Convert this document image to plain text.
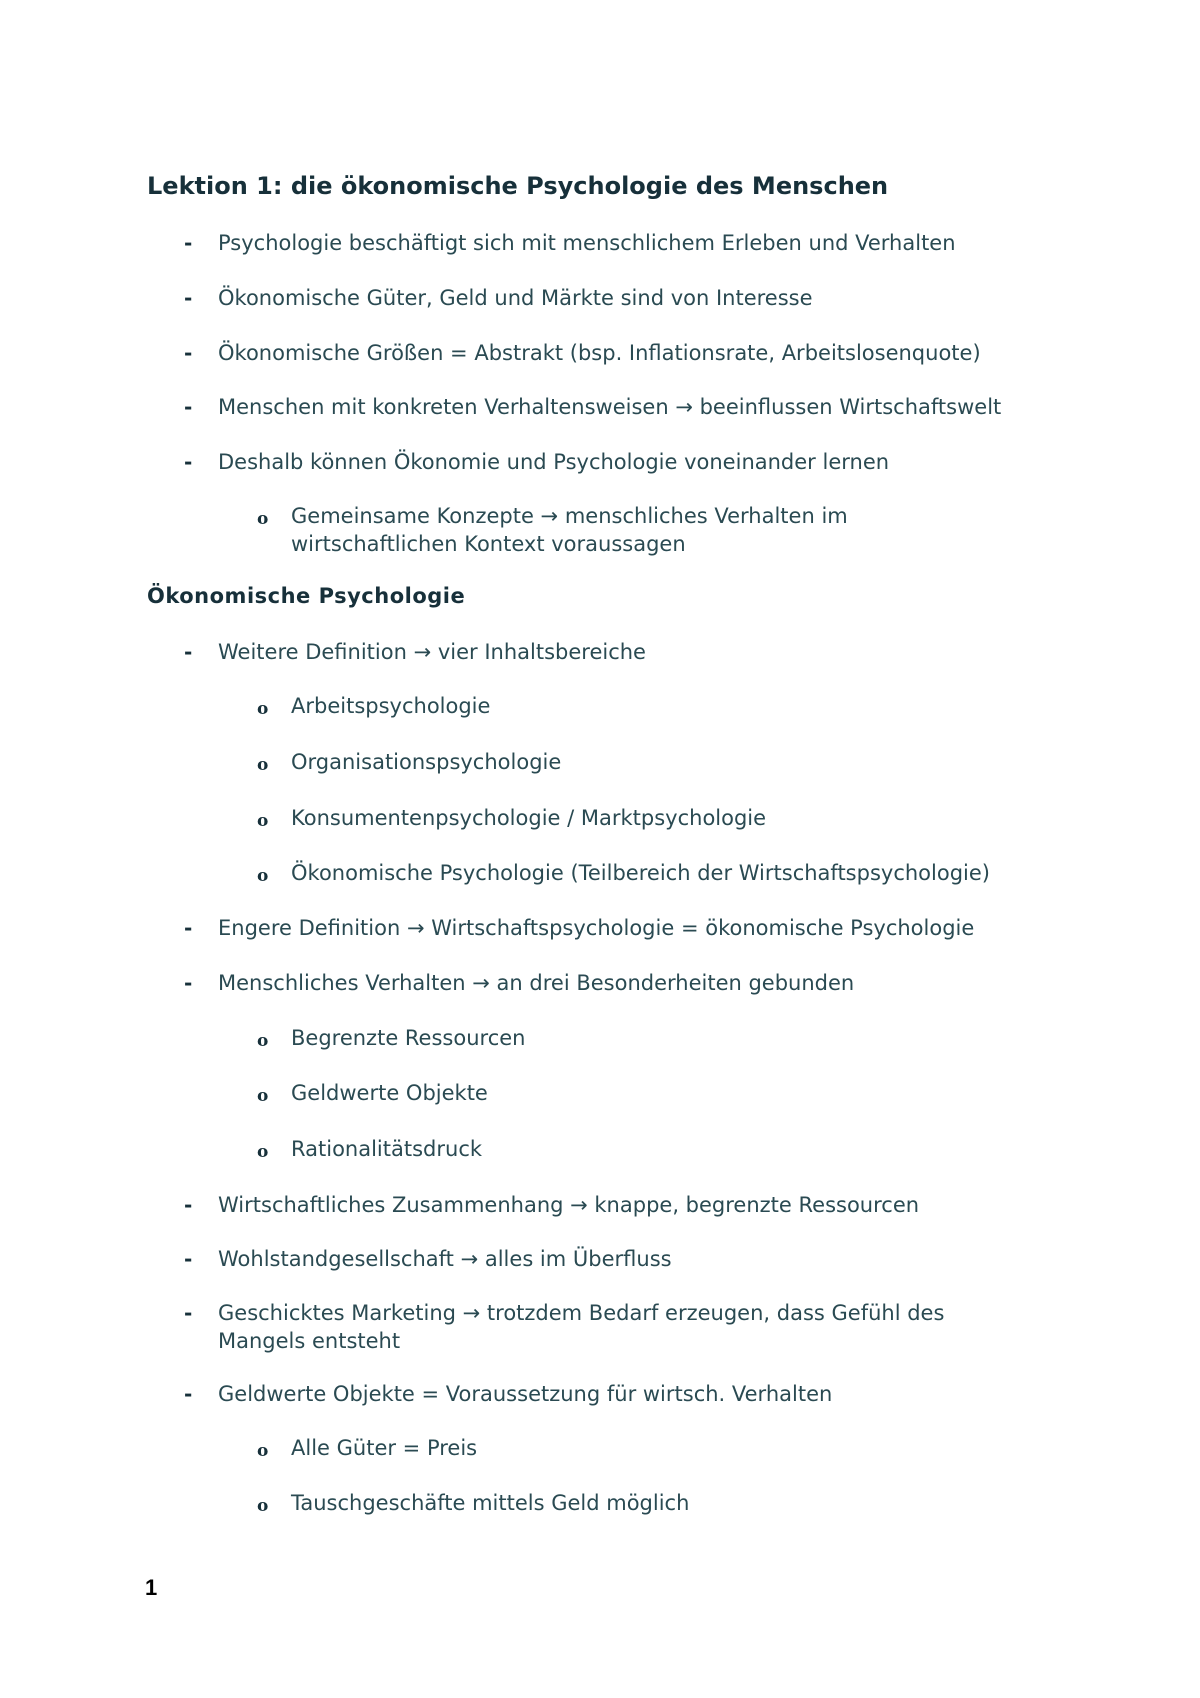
Lektion 1: die ökonomische Psychologie des Menschen
- Psychologie beschäftigt sich mit menschlichem Erleben und Verhalten
- Ökonomische Güter, Geld und Märkte sind von Interesse
- Ökonomische Größen = Abstrakt (bsp. Inflationsrate, Arbeitslosenquote)
- Menschen mit konkreten Verhaltensweisen → beeinflussen Wirtschaftswelt
- Deshalb können Ökonomie und Psychologie voneinander lernen
o Gemeinsame Konzepte → menschliches Verhalten im
wirtschaftlichen Kontext voraussagen
Ökonomische Psychologie
- Weitere Definition → vier Inhaltsbereiche
o Arbeitspsychologie
o Organisationspsychologie
o Konsumentenpsychologie / Marktpsychologie
o Ökonomische Psychologie (Teilbereich der Wirtschaftspsychologie)
- Engere Definition → Wirtschaftspsychologie = ökonomische Psychologie
- Menschliches Verhalten → an drei Besonderheiten gebunden
o Begrenzte Ressourcen
o Geldwerte Objekte
o Rationalitätsdruck
- Wirtschaftliches Zusammenhang → knappe, begrenzte Ressourcen
- Wohlstandgesellschaft → alles im Überfluss
- Geschicktes Marketing → trotzdem Bedarf erzeugen, dass Gefühl des
Mangels entsteht
- Geldwerte Objekte = Voraussetzung für wirtsch. Verhalten
o Alle Güter = Preis
o Tauschgeschäfte mittels Geld möglich
1
